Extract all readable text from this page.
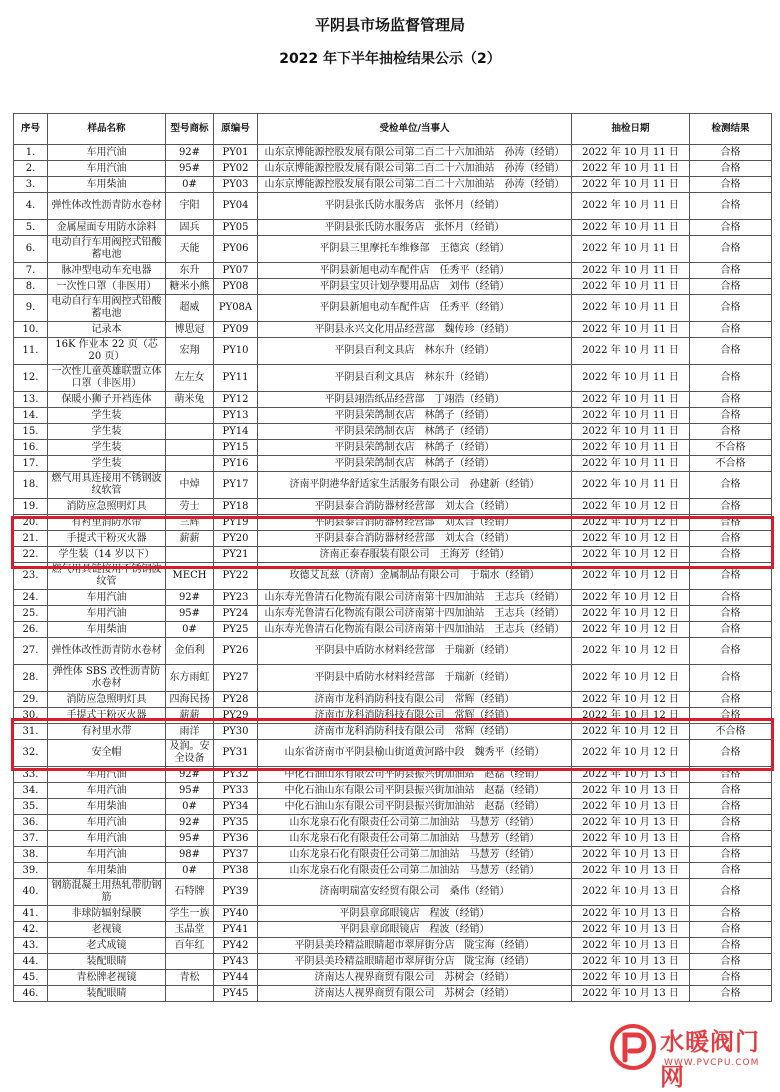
平阴县市场监督管理局
2022 年下半年抽检结果公示（2）
序号	样品名称	型号商标	原编号	受检单位/当事人	抽检日期	检测结果
1.	车用汽油	92#	PY01	山东京博能源控股发展有限公司第二百二十六加油站　孙涛（经销）	2022 年 10 月 11 日	合格
2.	车用汽油	95#	PY02	山东京博能源控股发展有限公司第二百二十六加油站　孙涛（经销）	2022 年 10 月 11 日	合格
3.	车用柴油	0#	PY03	山东京博能源控股发展有限公司第二百二十六加油站　孙涛（经销）	2022 年 10 月 11 日	合格
4.	弹性体改性沥青防水卷材	宇阳	PY04	平阴县张氏防水服务店　张怀月（经销）	2022 年 10 月 11 日	合格
5.	金属屋面专用防水涂料	固兵	PY05	平阴县张氏防水服务店　张怀月（经销）	2022 年 10 月 11 日	合格
6.	电动自行车用阀控式铅酸蓄电池	天能	PY06	平阴县三里摩托车维修部　王德宾（经销）	2022 年 10 月 11 日	合格
7.	脉冲型电动车充电器	东升	PY07	平阴县新旭电动车配件店　任秀平（经销）	2022 年 10 月 11 日	合格
8.	一次性口罩（非医用）	糖米小熊	PY08	平阴县宝贝计划孕婴用品店　刘伟（经销）	2022 年 10 月 11 日	合格
9.	电动自行车用阀控式铅酸蓄电池	超威	PY08A	平阴县新旭电动车配件店　任秀平（经销）	2022 年 10 月 11 日	合格
10.	记录本	博思冠	PY09	平阴县永兴文化用品经营部　魏传珍（经销）	2022 年 10 月 11 日	合格
11.	16K 作业本 22 页（芯 20 页）	宏翔	PY10	平阴县百利文具店　林东升（经销）	2022 年 10 月 11 日	合格
12.	一次性儿童英雄联盟立体口罩（非医用）	左左女	PY11	平阴县百利文具店　林东升（经销）	2022 年 10 月 11 日	合格
13.	保暖小狮子开裆连体	萌米兔	PY12	平阴县翊浩纸品经营部　丁翊浩（经销）	2022 年 10 月 11 日	合格
14.	学生装		PY13	平阴县荣鸽制衣店　林鸽子（经销）	2022 年 10 月 11 日	合格
15.	学生装		PY14	平阴县荣鸽制衣店　林鸽子（经销）	2022 年 10 月 11 日	合格
16.	学生装		PY15	平阴县荣鸽制衣店　林鸽子（经销）	2022 年 10 月 11 日	不合格
17.	学生装		PY16	平阴县荣鸽制衣店　林鸽子（经销）	2022 年 10 月 11 日	不合格
18.	燃气用具连接用不锈钢波纹软管	中焯	PY17	济南平阴港华舒适家生活服务有限公司　孙建新（经销）	2022 年 10 月 11 日	合格
19.	消防应急照明灯具	劳士	PY18	平阴县泰合消防器材经营部　刘太合（经销）	2022 年 10 月 12 日	合格
20.	有衬里消防水带	三辉	PY19	平阴县泰合消防器材经营部　刘太合（经销）	2022 年 10 月 12 日	合格
21.	手提式干粉灭火器	薪薪	PY20	平阴县泰合消防器材经营部　刘太合（经销）	2022 年 10 月 12 日	合格
22.	学生装（14 岁以下）		PY21	济南正泰春服装有限公司　王海芳（经销）	2022 年 10 月 12 日	合格
23.	燃气用具链接用不锈钢波纹管	MECH	PY22	玫德艾瓦兹（济南）金属制品有限公司　于瑞水（经销）	2022 年 10 月 12 日	合格
24.	车用汽油	92#	PY23	山东寿光鲁清石化物流有限公司济南第十四加油站　王志兵（经销）	2022 年 10 月 12 日	合格
25.	车用汽油	95#	PY24	山东寿光鲁清石化物流有限公司济南第十四加油站　王志兵（经销）	2022 年 10 月 12 日	合格
26.	车用柴油	0#	PY25	山东寿光鲁清石化物流有限公司济南第十四加油站　王志兵（经销）	2022 年 10 月 12 日	合格
27.	弹性体改性沥青防水卷材	金佰利	PY26	平阴县中盾防水材料经营部　于瑞新（经销）	2022 年 10 月 12 日	合格
28.	弹性体 SBS 改性沥青防水卷材	东方雨虹	PY27	平阴县中盾防水材料经营部　于瑞新（经销）	2022 年 10 月 12 日	合格
29.	消防应急照明灯具	四海民扬	PY28	济南市龙科消防科技有限公司　常辉（经销）	2022 年 10 月 12 日	合格
30.	手提式干粉灭火器	薪薪	PY29	济南市龙科消防科技有限公司　常辉（经销）	2022 年 10 月 12 日	合格
31.	有衬里水带	雨洋	PY30	济南市龙科消防科技有限公司　常辉（经销）	2022 年 10 月 12 日	不合格
32.	安全帽	及润。安全设备	PY31	山东省济南市平阴县榆山街道黄河路中段　魏秀平（经销）	2022 年 10 月 12 日	合格
33.	车用汽油	92#	PY32	中化石油山东有限公司平阴县振兴街加油站　赵磊（经销）	2022 年 10 月 13 日	合格
34.	车用汽油	95#	PY33	中化石油山东有限公司平阴县振兴街加油站　赵磊（经销）	2022 年 10 月 13 日	合格
35.	车用柴油	0#	PY34	中化石油山东有限公司平阴县振兴街加油站　赵磊（经销）	2022 年 10 月 13 日	合格
36.	车用汽油	92#	PY35	山东龙泉石化有限责任公司第二加油站　马慧芳（经销）	2022 年 10 月 13 日	合格
37.	车用汽油	95#	PY36	山东龙泉石化有限责任公司第二加油站　马慧芳（经销）	2022 年 10 月 13 日	合格
38.	车用汽油	98#	PY37	山东龙泉石化有限责任公司第二加油站　马慧芳（经销）	2022 年 10 月 13 日	合格
39.	车用柴油	0#	PY38	山东龙泉石化有限责任公司第二加油站　马慧芳（经销）	2022 年 10 月 13 日	合格
40.	钢筋混凝土用热轧带肋钢筋	石特牌	PY39	济南明瑞富安经贸有限公司　桑伟（经销）	2022 年 10 月 13 日	合格
41.	非球防辐射绿膜	学生一族	PY40	平阴县章邱眼镜店　程波（经销）	2022 年 10 月 13 日	合格
42.	老视镜	玉晶堂	PY41	平阴县章邱眼镜店　程波（经销）	2022 年 10 月 13 日	合格
43.	老式成镜	百年红	PY42	平阴县美玲精益眼睛超市翠屏街分店　陇宝海（经销）	2022 年 10 月 13 日	合格
44.	装配眼睛		PY43	平阴县美玲精益眼睛超市翠屏街分店　陇宝海（经销）	2022 年 10 月 13 日	合格
45.	青松牌老视镜	青松	PY44	济南达人视界商贸有限公司　苏树会（经销）	2022 年 10 月 13 日	合格
46.	装配眼睛		PY45	济南达人视界商贸有限公司　苏树会（经销）	2022 年 10 月 13 日	合格
水暖阀门网
WWW.PVCPU.COM
